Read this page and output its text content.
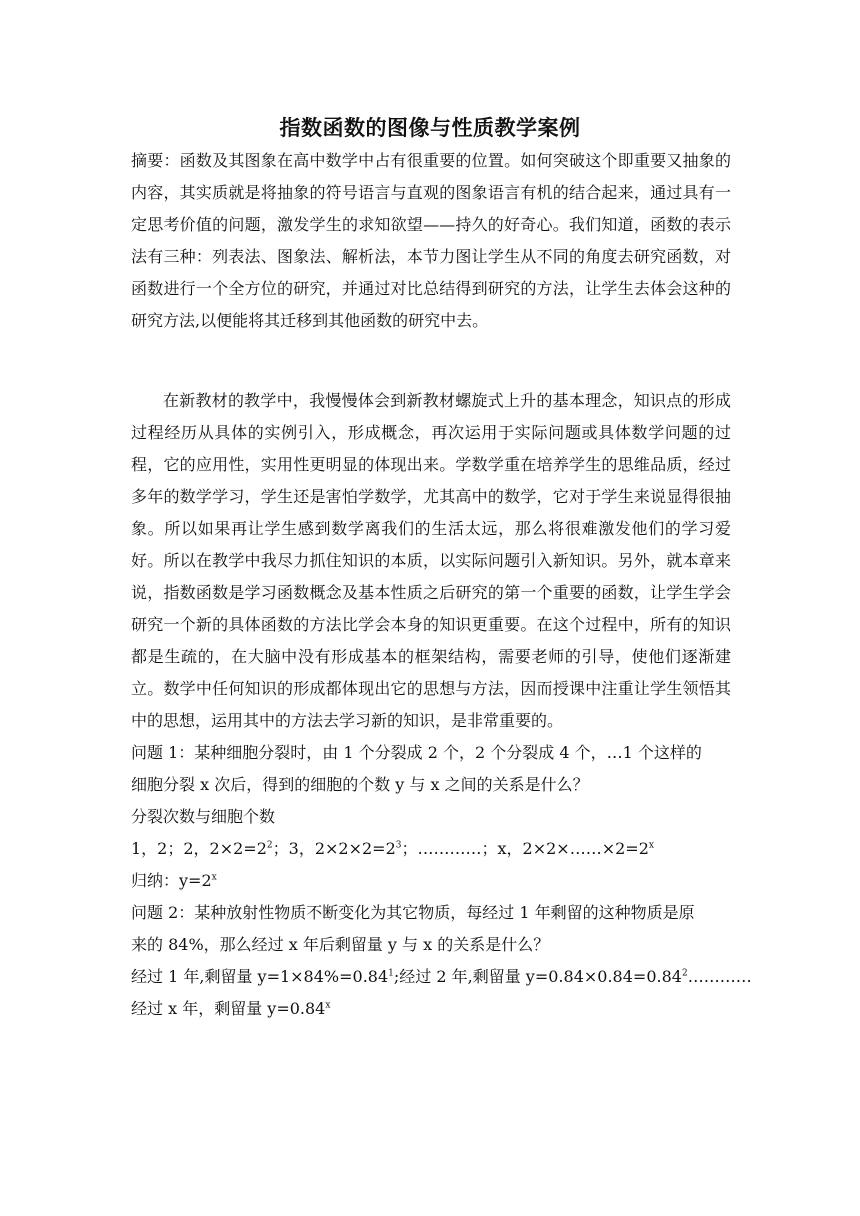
指数函数的图像与性质教学案例
摘要：函数及其图象在高中数学中占有很重要的位置。如何突破这个即重要又抽象的内容，其实质就是将抽象的符号语言与直观的图象语言有机的结合起来，通过具有一定思考价值的问题，激发学生的求知欲望——持久的好奇心。我们知道，函数的表示法有三种：列表法、图象法、解析法，本节力图让学生从不同的角度去研究函数，对函数进行一个全方位的研究，并通过对比总结得到研究的方法，让学生去体会这种的研究方法,以便能将其迁移到其他函数的研究中去。
在新教材的教学中，我慢慢体会到新教材螺旋式上升的基本理念，知识点的形成过程经历从具体的实例引入，形成概念，再次运用于实际问题或具体数学问题的过程，它的应用性，实用性更明显的体现出来。学数学重在培养学生的思维品质，经过多年的数学学习，学生还是害怕学数学，尤其高中的数学，它对于学生来说显得很抽象。所以如果再让学生感到数学离我们的生活太远，那么将很难激发他们的学习爱好。所以在教学中我尽力抓住知识的本质，以实际问题引入新知识。另外，就本章来说，指数函数是学习函数概念及基本性质之后研究的第一个重要的函数，让学生学会研究一个新的具体函数的方法比学会本身的知识更重要。在这个过程中，所有的知识都是生疏的，在大脑中没有形成基本的框架结构，需要老师的引导，使他们逐渐建立。数学中任何知识的形成都体现出它的思想与方法，因而授课中注重让学生领悟其中的思想，运用其中的方法去学习新的知识，是非常重要的。
问题 1：某种细胞分裂时，由 1 个分裂成 2 个，2 个分裂成 4 个，…1 个这样的
细胞分裂 x 次后，得到的细胞的个数 y 与 x 之间的关系是什么？
分裂次数与细胞个数
1，2；2，$2\times 2=2^2$；3，$2\times 2\times 2=2^3$；…………；x，$2\times 2\times\dots\dots\times 2=2^x$
归纳：$y=2^x$
问题 2：某种放射性物质不断变化为其它物质，每经过 1 年剩留的这种物质是原
来的 84%，那么经过 x 年后剩留量 y 与 x 的关系是什么？
经过 1 年,剩留量 $y=1\times 84\%=0.84^1$;经过 2 年,剩留量 $y=0.84\times 0.84=0.84^2\dots\dots\dots\dots$
经过 x 年，剩留量 $y=0.84^x$
